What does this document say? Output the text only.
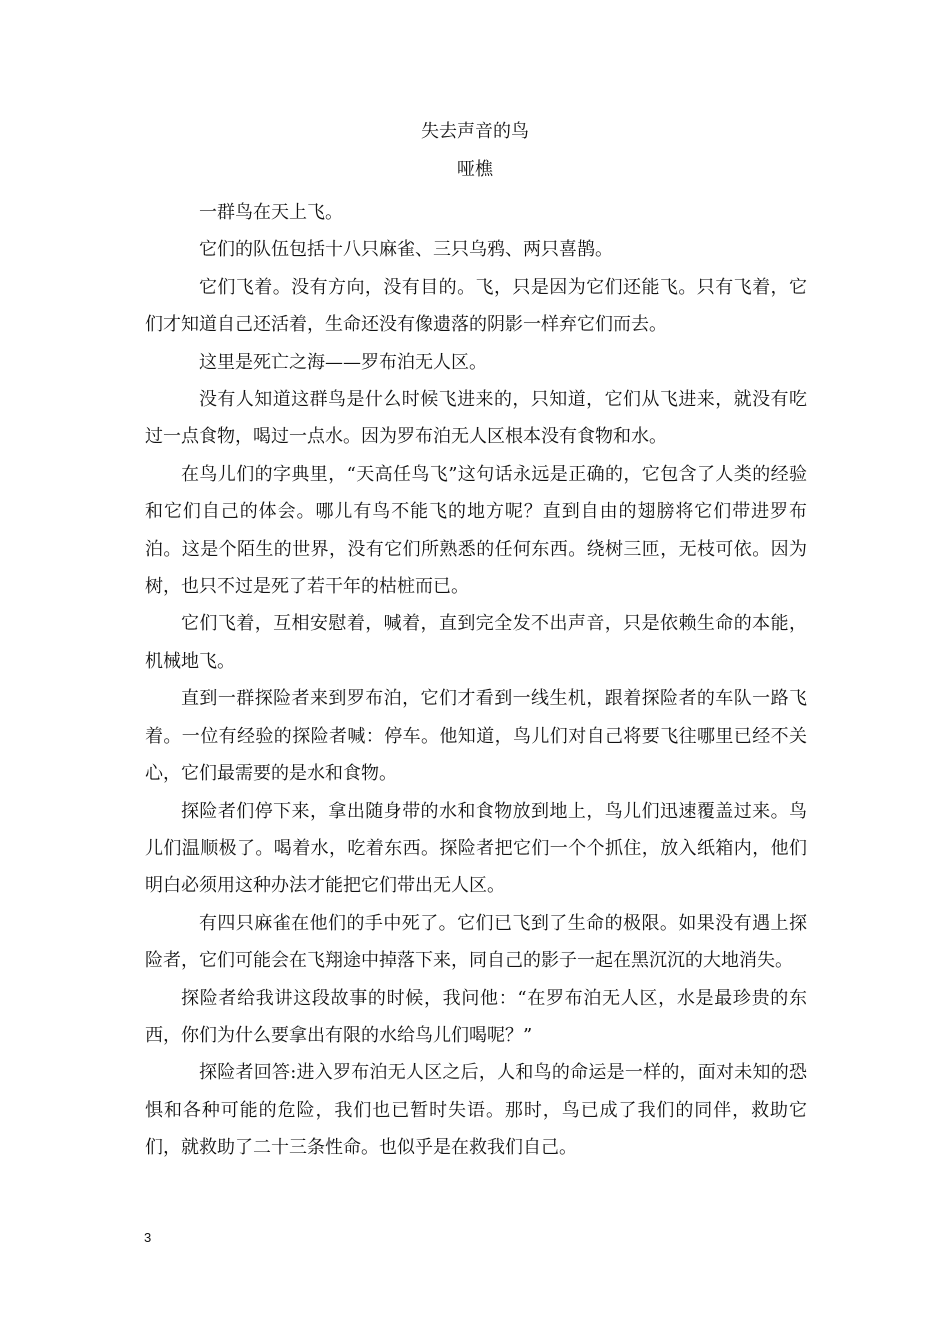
失去声音的鸟
哑樵

一群鸟在天上飞。

它们的队伍包括十八只麻雀、三只乌鸦、两只喜鹊。

它们飞着。没有方向，没有目的。飞，只是因为它们还能飞。只有飞着，它们才知道自己还活着，生命还没有像遗落的阴影一样弃它们而去。

这里是死亡之海——罗布泊无人区。

没有人知道这群鸟是什么时候飞进来的，只知道，它们从飞进来，就没有吃过一点食物，喝过一点水。因为罗布泊无人区根本没有食物和水。

在鸟儿们的字典里，“天高任鸟飞”这句话永远是正确的，它包含了人类的经验和它们自己的体会。哪儿有鸟不能飞的地方呢？直到自由的翅膀将它们带进罗布泊。这是个陌生的世界，没有它们所熟悉的任何东西。绕树三匝，无枝可依。因为树，也只不过是死了若干年的枯桩而已。

它们飞着，互相安慰着，喊着，直到完全发不出声音，只是依赖生命的本能，机械地飞。

直到一群探险者来到罗布泊，它们才看到一线生机，跟着探险者的车队一路飞着。一位有经验的探险者喊：停车。他知道，鸟儿们对自己将要飞往哪里已经不关心，它们最需要的是水和食物。

探险者们停下来，拿出随身带的水和食物放到地上，鸟儿们迅速覆盖过来。鸟儿们温顺极了。喝着水，吃着东西。探险者把它们一个个抓住，放入纸箱内，他们明白必须用这种办法才能把它们带出无人区。

有四只麻雀在他们的手中死了。它们已飞到了生命的极限。如果没有遇上探险者，它们可能会在飞翔途中掉落下来，同自己的影子一起在黑沉沉的大地消失。

探险者给我讲这段故事的时候，我问他：“在罗布泊无人区，水是最珍贵的东西，你们为什么要拿出有限的水给鸟儿们喝呢？”

探险者回答:进入罗布泊无人区之后，人和鸟的命运是一样的，面对未知的恐惧和各种可能的危险，我们也已暂时失语。那时，鸟已成了我们的同伴，救助它们，就救助了二十三条性命。也似乎是在救我们自己。

3
